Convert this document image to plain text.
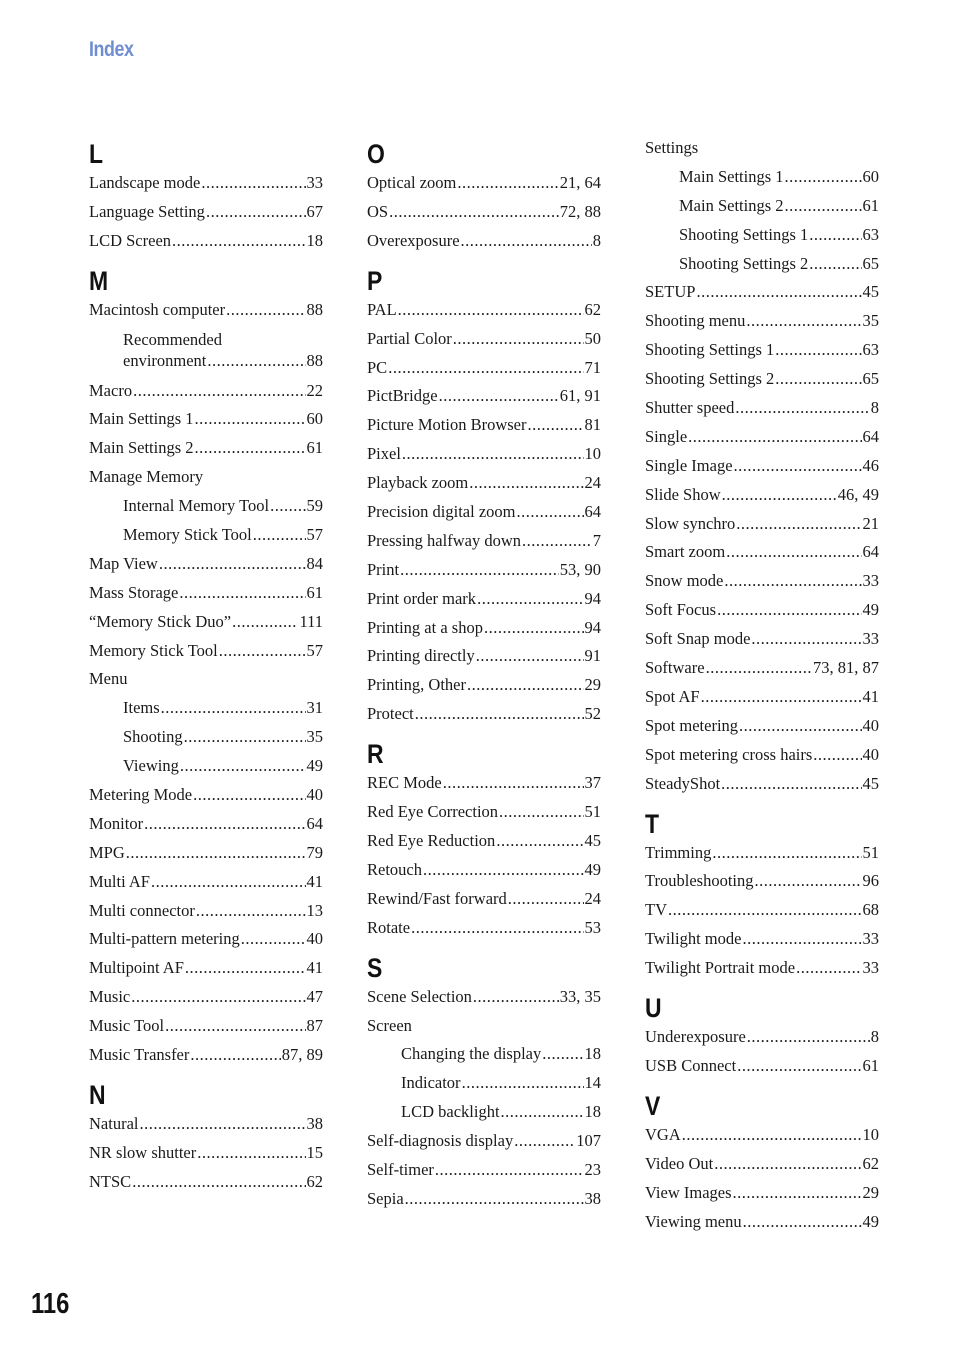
Index
L
Landscape mode .....	33
Language Setting .....	67
LCD Screen .....	18
M
Macintosh computer .....	88
Recommended
environment .....	88
Macro .....	22
Main Settings 1 .....	60
Main Settings 2 .....	61
Manage Memory
Internal Memory Tool ..... 59
Memory Stick Tool .....	57
Map View .....	84
Mass Storage .....	61
“Memory Stick Duo” .....	111
Memory Stick Tool .....	57
Menu
Items .....	31
Shooting .....	35
Viewing .....	49
Metering Mode .....	40
Monitor .....	64
MPG .....	79
Multi AF .....	41
Multi connector .....	13
Multi-pattern metering .....	40
Multipoint AF .....	41
Music .....	47
Music Tool .....	87
Music Transfer .....	87, 89
N
Natural .....	38
NR slow shutter .....	15
NTSC .....	62
O
Optical zoom .....	21, 64
OS .....	72, 88
Overexposure .....	8
P
PAL .....	62
Partial Color .....	50
PC .....	71
PictBridge .....	61, 91
Picture Motion Browser .....	81
Pixel .....	10
Playback zoom .....	24
Precision digital zoom .....	64
Pressing halfway down .....	7
Print .....	53, 90
Print order mark .....	94
Printing at a shop .....	94
Printing directly .....	91
Printing, Other .....	29
Protect .....	52
R
REC Mode .....	37
Red Eye Correction .....	51
Red Eye Reduction .....	45
Retouch .....	49
Rewind/Fast forward .....	24
Rotate .....	53
S
Scene Selection .....	33, 35
Screen
Changing the display .....	18
Indicator .....	14
LCD backlight .....	18
Self-diagnosis display .....	107
Self-timer .....	23
Sepia .....	38
Settings
Main Settings 1 .....	60
Main Settings 2 .....	61
Shooting Settings 1 .....	63
Shooting Settings 2 .....	65
SETUP .....	45
Shooting menu .....	35
Shooting Settings 1 .....	63
Shooting Settings 2 .....	65
Shutter speed .....	8
Single .....	64
Single Image .....	46
Slide Show .....	46, 49
Slow synchro .....	21
Smart zoom .....	64
Snow mode .....	33
Soft Focus .....	49
Soft Snap mode .....	33
Software .....	73, 81, 87
Spot AF .....	41
Spot metering .....	40
Spot metering cross hairs .....	40
SteadyShot .....	45
T
Trimming .....	51
Troubleshooting .....	96
TV .....	68
Twilight mode .....	33
Twilight Portrait mode .....	33
U
Underexposure .....	8
USB Connect .....	61
V
VGA .....	10
Video Out .....	62
View Images .....	29
Viewing menu .....	49
116
